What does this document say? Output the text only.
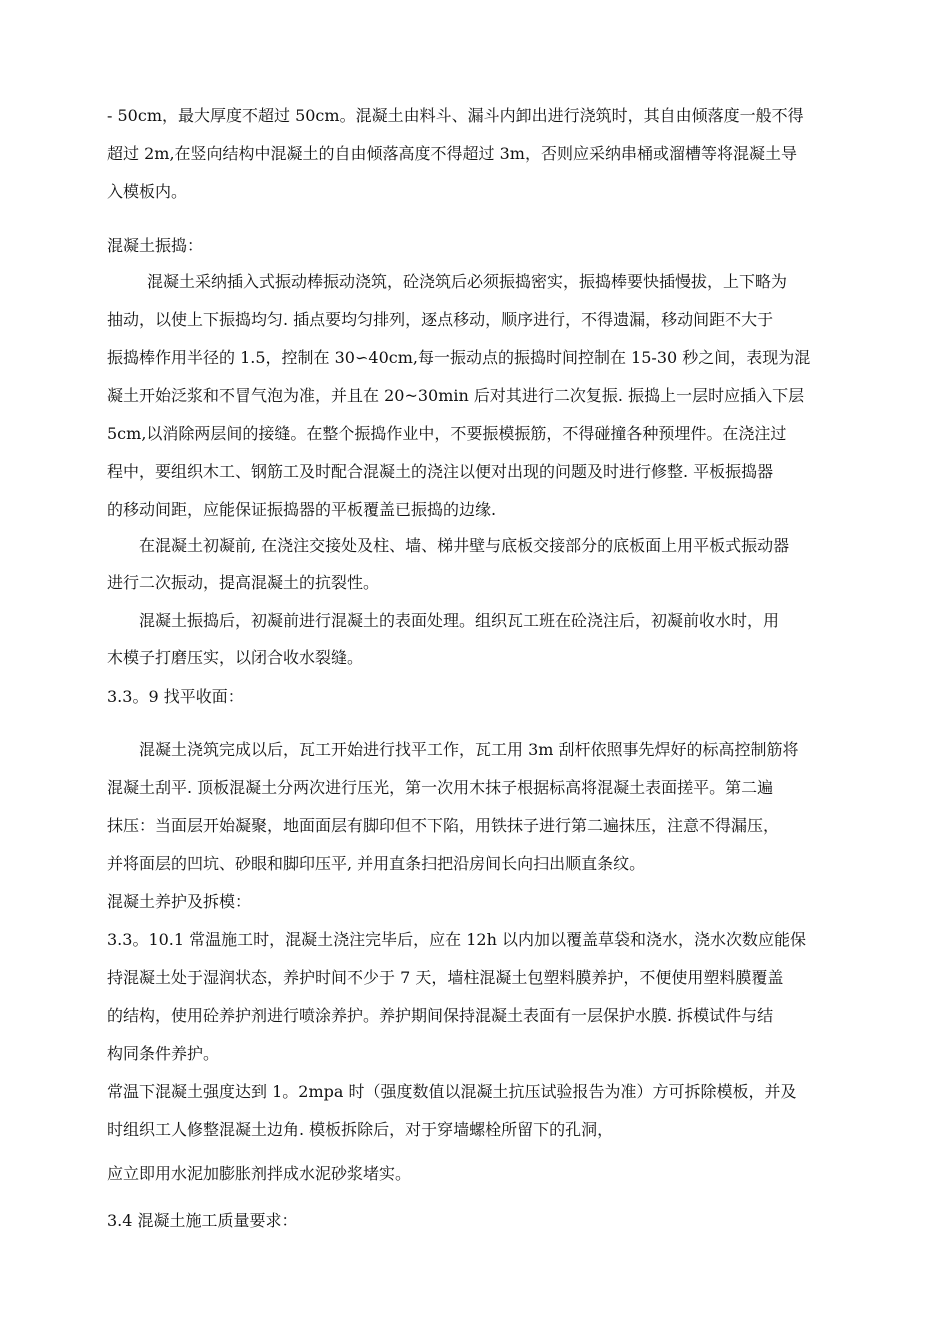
- 50cm，最大厚度不超过 50cm。混凝土由料斗、漏斗内卸出进行浇筑时，其自由倾落度一般不得
超过 2m,在竖向结构中混凝土的自由倾落高度不得超过 3m，否则应采纳串桶或溜槽等将混凝土导
入模板内。
混凝土振捣：
混凝土采纳插入式振动棒振动浇筑，砼浇筑后必须振捣密实，振捣棒要快插慢拔，上下略为
抽动，以使上下振捣均匀. 插点要均匀排列，逐点移动，顺序进行，不得遗漏，移动间距不大于
振捣棒作用半径的 1.5，控制在 30∽40cm,每一振动点的振捣时间控制在 15-30 秒之间，表现为混
凝土开始泛浆和不冒气泡为准，并且在 20~30min 后对其进行二次复振. 振捣上一层时应插入下层
5cm,以消除两层间的接缝。在整个振捣作业中，不要振模振筋，不得碰撞各种预埋件。在浇注过
程中，要组织木工、钢筋工及时配合混凝土的浇注以便对出现的问题及时进行修整. 平板振捣器
的移动间距，应能保证振捣器的平板覆盖已振捣的边缘.
在混凝土初凝前, 在浇注交接处及柱、墙、梯井壁与底板交接部分的底板面上用平板式振动器
进行二次振动，提高混凝土的抗裂性。
混凝土振捣后，初凝前进行混凝土的表面处理。组织瓦工班在砼浇注后，初凝前收水时，用
木模子打磨压实，以闭合收水裂缝。
3.3。9 找平收面：
混凝土浇筑完成以后，瓦工开始进行找平工作，瓦工用 3m 刮杆依照事先焊好的标高控制筋将
混凝土刮平. 顶板混凝土分两次进行压光，第一次用木抹子根据标高将混凝土表面搓平。第二遍
抹压：当面层开始凝聚，地面面层有脚印但不下陷，用铁抹子进行第二遍抹压，注意不得漏压，
并将面层的凹坑、砂眼和脚印压平, 并用直条扫把沿房间长向扫出顺直条纹。
混凝土养护及拆模：
3.3。10.1 常温施工时，混凝土浇注完毕后，应在 12h 以内加以覆盖草袋和浇水，浇水次数应能保
持混凝土处于湿润状态，养护时间不少于 7 天，墙柱混凝土包塑料膜养护，不便使用塑料膜覆盖
的结构，使用砼养护剂进行喷涂养护。养护期间保持混凝土表面有一层保护水膜. 拆模试件与结
构同条件养护。
常温下混凝土强度达到 1。2mpa 时（强度数值以混凝土抗压试验报告为准）方可拆除模板，并及
时组织工人修整混凝土边角. 模板拆除后，对于穿墙螺栓所留下的孔洞，
应立即用水泥加膨胀剂拌成水泥砂浆堵实。
3.4 混凝土施工质量要求：
